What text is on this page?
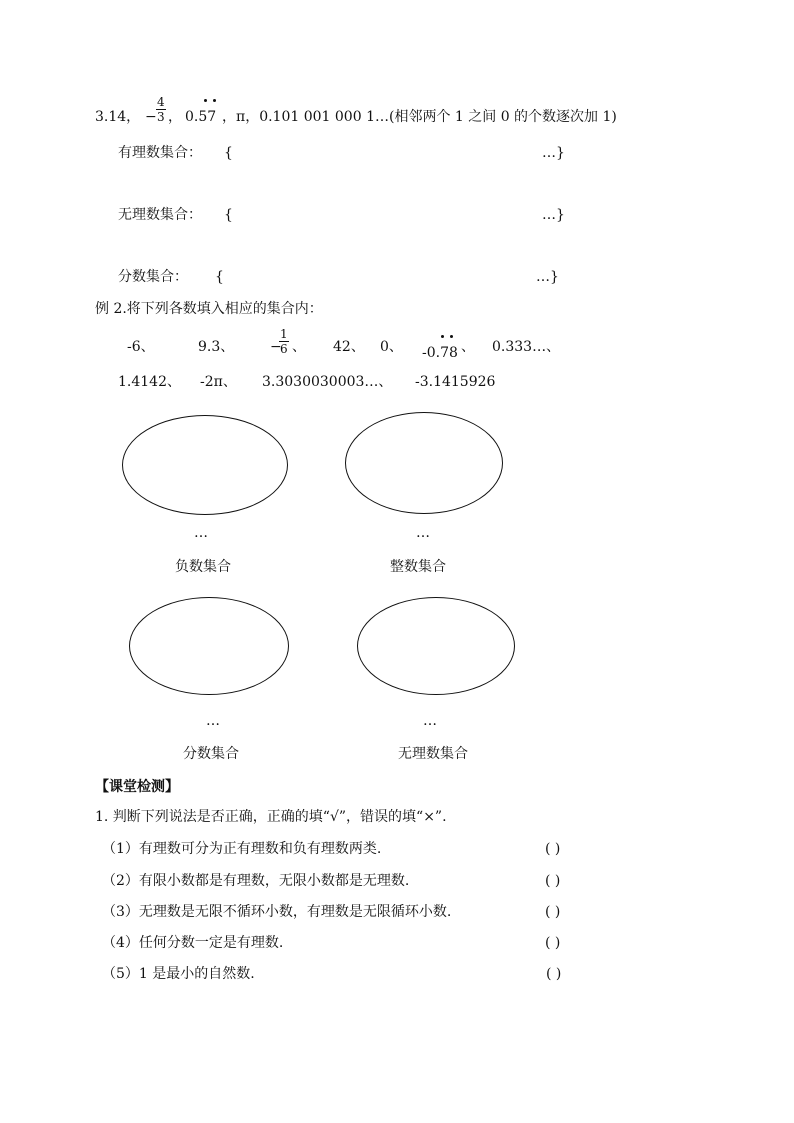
3.14， −
4
3 ， 0.57 ，π，0.101 001 000 1…(相邻两个 1 之间 0 的个数逐次加 1)
有理数集合： {	…}
无理数集合： {	…}
分数集合： {	…}
例 2.将下列各数填入相应的集合内：
-6、	9.3、	−
1
6 、 42、 0、 -0.78 、 0.333…、
1.4142、 -2π、 3.3030030003…、 -3.1415926
…
负数集合
…
整数集合
…
分数集合
…
无理数集合
【课堂检测】
1. 判断下列说法是否正确，正确的填“√”，错误的填“×”.
（1）有理数可分为正有理数和负有理数两类.	( )
（2）有限小数都是有理数，无限小数都是无理数.	( )
（3）无理数是无限不循环小数，有理数是无限循环小数.	( )
（4）任何分数一定是有理数.	( )
（5）1 是最小的自然数.	( )
